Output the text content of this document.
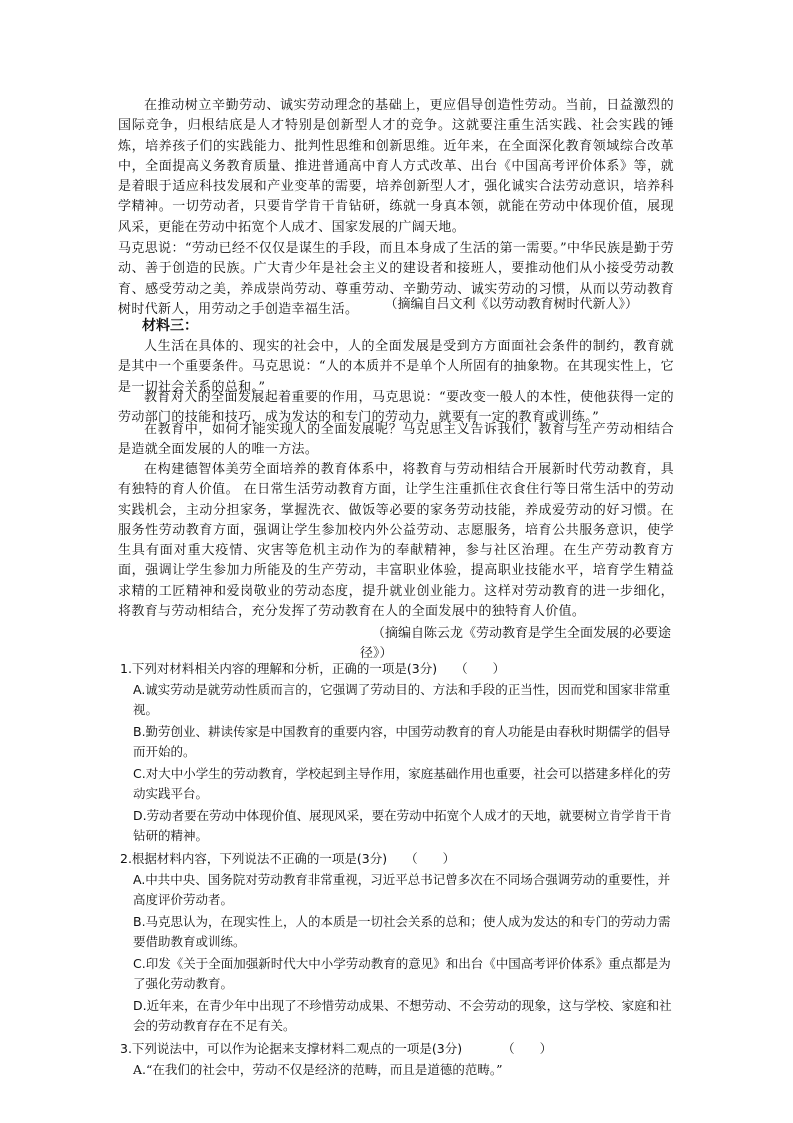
在推动树立辛勤劳动、诚实劳动理念的基础上，更应倡导创造性劳动。当前，日益激烈的国际竞争，归根结底是人才特别是创新型人才的竞争。这就要注重生活实践、社会实践的锤炼，培养孩子们的实践能力、批判性思维和创新思维。近年来，在全面深化教育领域综合改革中，全面提高义务教育质量、推进普通高中育人方式改革、出台《中国高考评价体系》等，就是着眼于适应科技发展和产业变革的需要，培养创新型人才，强化诚实合法劳动意识，培养科学精神。一切劳动者，只要肯学肯干肯钻研，练就一身真本领，就能在劳动中体现价值，展现风采，更能在劳动中拓宽个人成才、国家发展的广阔天地。

马克思说：“劳动已经不仅仅是谋生的手段，而且本身成了生活的第一需要。”中华民族是勤于劳动、善于创造的民族。广大青少年是社会主义的建设者和接班人，要推动他们从小接受劳动教育、感受劳动之美，养成崇尚劳动、尊重劳动、辛勤劳动、诚实劳动的习惯，从而以劳动教育树时代新人，用劳动之手创造幸福生活。	（摘编自吕文利《以劳动教育树时代新人》）

材料三：

人生活在具体的、现实的社会中，人的全面发展是受到方方面面社会条件的制约，教育就是其中一个重要条件。马克思说：“人的本质并不是单个人所固有的抽象物。在其现实性上，它是一切社会关系的总和。”

教育对人的全面发展起着重要的作用，马克思说：“要改变一般人的本性，使他获得一定的劳动部门的技能和技巧，成为发达的和专门的劳动力，就要有一定的教育或训练。”

在教育中，如何才能实现人的全面发展呢？马克思主义告诉我们，教育与生产劳动相结合是造就全面发展的人的唯一方法。

在构建德智体美劳全面培养的教育体系中，将教育与劳动相结合开展新时代劳动教育，具有独特的育人价值。 在日常生活劳动教育方面，让学生注重抓住衣食住行等日常生活中的劳动实践机会，主动分担家务，掌握洗衣、做饭等必要的家务劳动技能，养成爱劳动的好习惯。在服务性劳动教育方面，强调让学生参加校内外公益劳动、志愿服务，培育公共服务意识，使学生具有面对重大疫情、灾害等危机主动作为的奉献精神，参与社区治理。在生产劳动教育方面，强调让学生参加力所能及的生产劳动，丰富职业体验，提高职业技能水平，培育学生精益求精的工匠精神和爱岗敬业的劳动态度，提升就业创业能力。这样对劳动教育的进一步细化，将教育与劳动相结合，充分发挥了劳动教育在人的全面发展中的独特育人价值。

（摘编自陈云龙《劳动教育是学生全面发展的必要途径》）

1.下列对材料相关内容的理解和分析，正确的一项是(3分) （　　）

A.诚实劳动是就劳动性质而言的，它强调了劳动目的、方法和手段的正当性，因而党和国家非常重视。

B.勤劳创业、耕读传家是中国教育的重要内容，中国劳动教育的育人功能是由春秋时期儒学的倡导而开始的。

C.对大中小学生的劳动教育，学校起到主导作用，家庭基础作用也重要，社会可以搭建多样化的劳动实践平台。

D.劳动者要在劳动中体现价值、展现风采，要在劳动中拓宽个人成才的天地，就要树立肯学肯干肯钻研的精神。

2.根据材料内容，下列说法不正确的一项是(3分) （　　）

A.中共中央、国务院对劳动教育非常重视，习近平总书记曾多次在不同场合强调劳动的重要性，并高度评价劳动者。

B.马克思认为，在现实性上，人的本质是一切社会关系的总和；使人成为发达的和专门的劳动力需要借助教育或训练。

C.印发《关于全面加强新时代大中小学劳动教育的意见》和出台《中国高考评价体系》重点都是为了强化劳动教育。

D.近年来，在青少年中出现了不珍惜劳动成果、不想劳动、不会劳动的现象，这与学校、家庭和社会的劳动教育存在不足有关。

3.下列说法中，可以作为论据来支撑材料二观点的一项是(3分)	（　　）

A.“在我们的社会中，劳动不仅是经济的范畴，而且是道德的范畴。”
